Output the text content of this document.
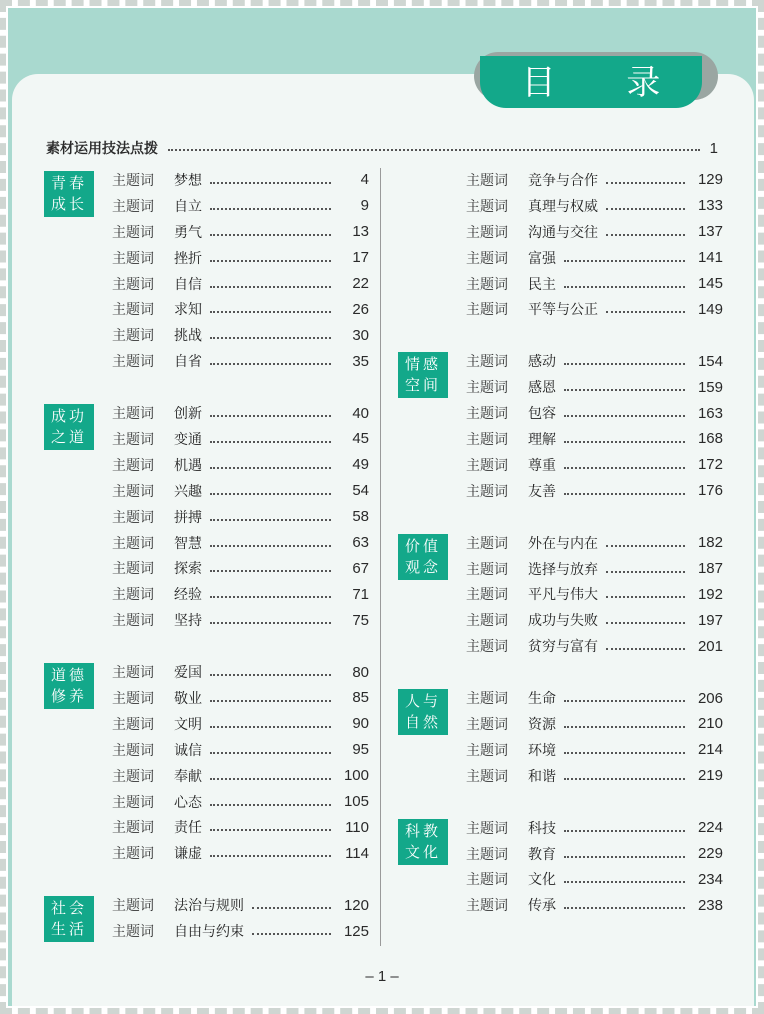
目 录
素材运用技法点拨	1
青春
成长
主题词	梦想	4
主题词	自立	9
主题词	勇气	13
主题词	挫折	17
主题词	自信	22
主题词	求知	26
主题词	挑战	30
主题词	自省	35
成功
之道
主题词	创新	40
主题词	变通	45
主题词	机遇	49
主题词	兴趣	54
主题词	拼搏	58
主题词	智慧	63
主题词	探索	67
主题词	经验	71
主题词	坚持	75
道德
修养
主题词	爱国	80
主题词	敬业	85
主题词	文明	90
主题词	诚信	95
主题词	奉献	100
主题词	心态	105
主题词	责任	110
主题词	谦虚	114
社会
生活
主题词	法治与规则	120
主题词	自由与约束	125
主题词	竞争与合作	129
主题词	真理与权威	133
主题词	沟通与交往	137
主题词	富强	141
主题词	民主	145
主题词	平等与公正	149
情感
空间
主题词	感动	154
主题词	感恩	159
主题词	包容	163
主题词	理解	168
主题词	尊重	172
主题词	友善	176
价值
观念
主题词	外在与内在	182
主题词	选择与放弃	187
主题词	平凡与伟大	192
主题词	成功与失败	197
主题词	贫穷与富有	201
人与
自然
主题词	生命	206
主题词	资源	210
主题词	环境	214
主题词	和谐	219
科教
文化
主题词	科技	224
主题词	教育	229
主题词	文化	234
主题词	传承	238
– 1 –
